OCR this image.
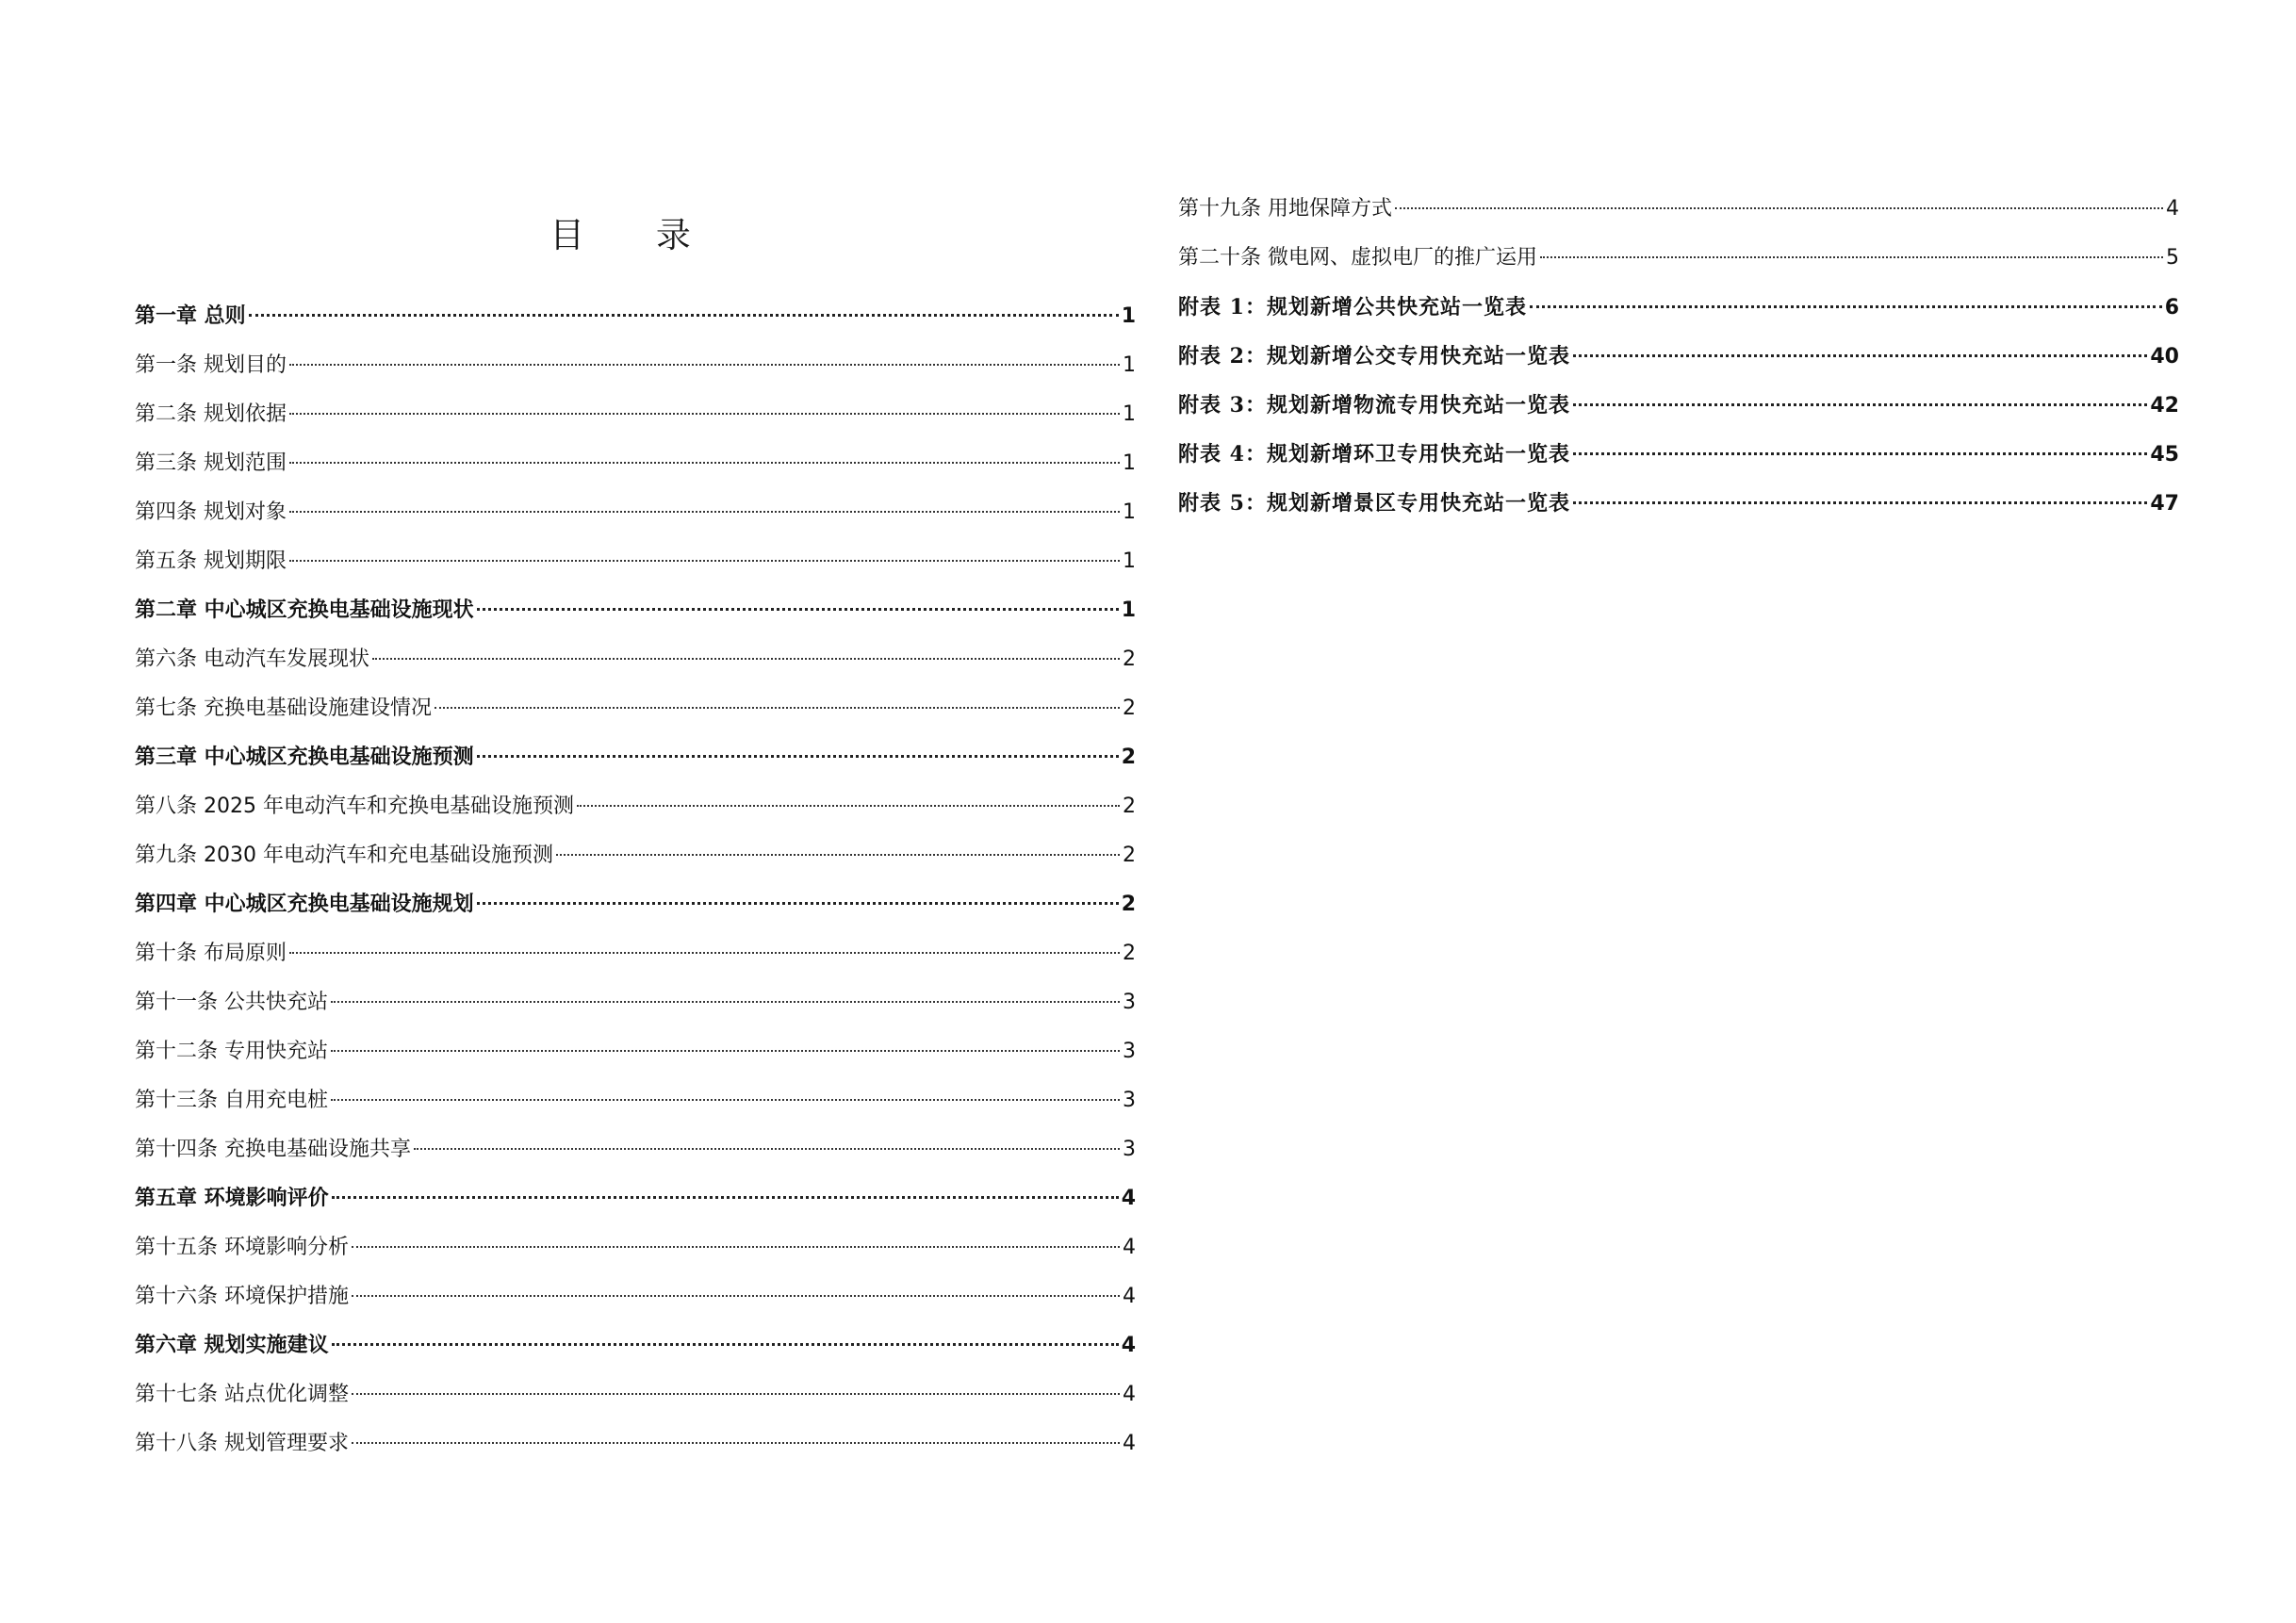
目 录
第一章 总则	1
第一条 规划目的	1
第二条 规划依据	1
第三条 规划范围	1
第四条 规划对象	1
第五条 规划期限	1
第二章 中心城区充换电基础设施现状	1
第六条 电动汽车发展现状	2
第七条 充换电基础设施建设情况	2
第三章 中心城区充换电基础设施预测	2
第八条 2025 年电动汽车和充换电基础设施预测	2
第九条 2030 年电动汽车和充电基础设施预测	2
第四章 中心城区充换电基础设施规划	2
第十条 布局原则	2
第十一条 公共快充站	3
第十二条 专用快充站	3
第十三条 自用充电桩	3
第十四条 充换电基础设施共享	3
第五章 环境影响评价	4
第十五条 环境影响分析	4
第十六条 环境保护措施	4
第六章 规划实施建议	4
第十七条 站点优化调整	4
第十八条 规划管理要求	4
第十九条 用地保障方式	4
第二十条 微电网、虚拟电厂的推广运用	5
附表 1：规划新增公共快充站一览表	6
附表 2：规划新增公交专用快充站一览表	40
附表 3：规划新增物流专用快充站一览表	42
附表 4：规划新增环卫专用快充站一览表	45
附表 5：规划新增景区专用快充站一览表	47
